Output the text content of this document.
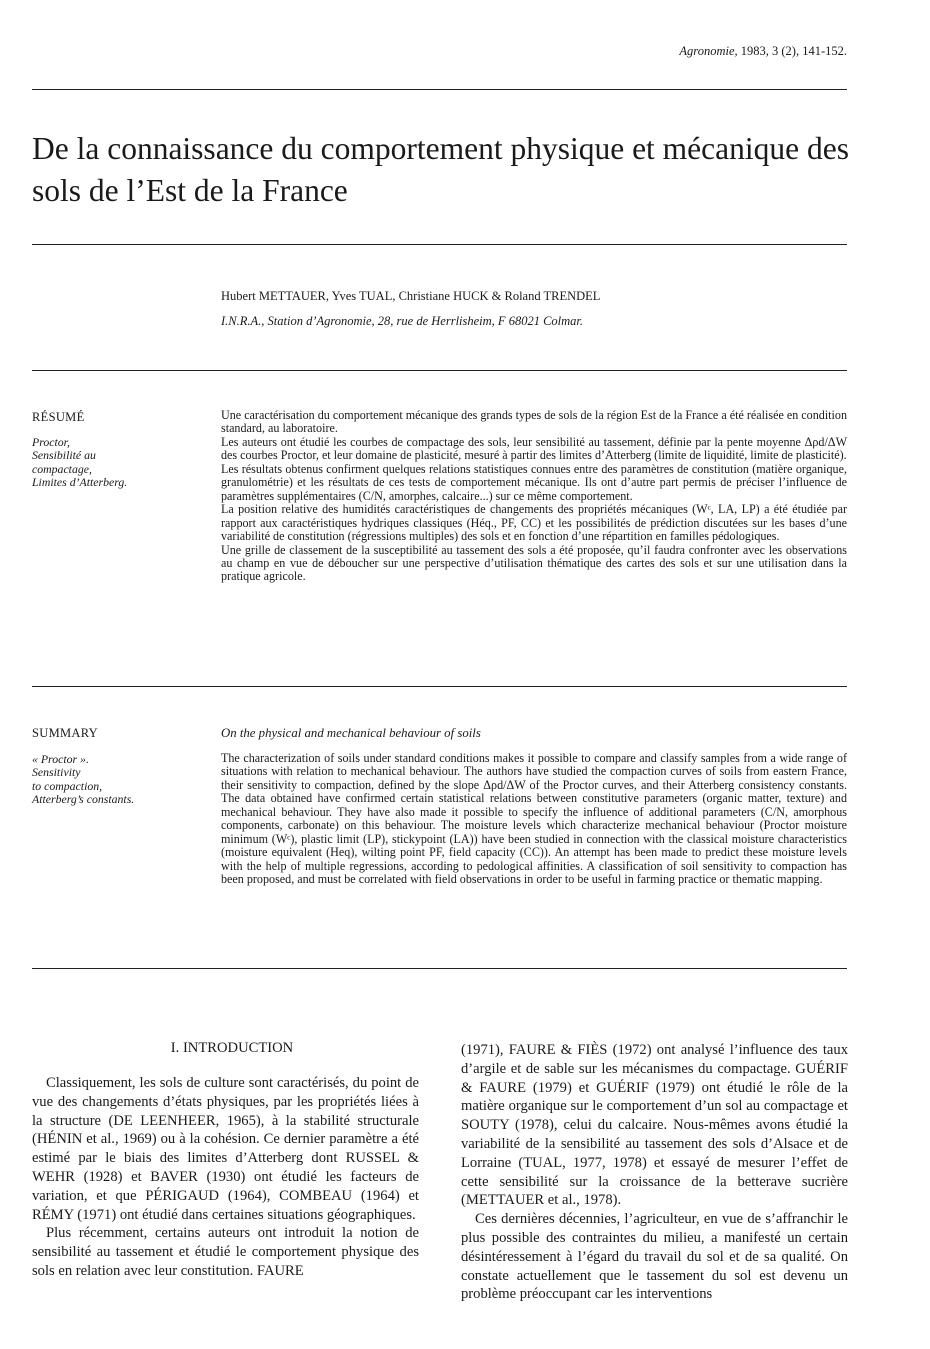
Agronomie, 1983, 3 (2), 141-152.
De la connaissance du comportement physique et mécanique des sols de l’Est de la France
Hubert METTAUER, Yves TUAL, Christiane HUCK & Roland TRENDEL
I.N.R.A., Station d’Agronomie, 28, rue de Herrlisheim, F 68021 Colmar.
RÉSUMÉ
Proctor,
Sensibilité au
compactage,
Limites d’Atterberg.

Une caractérisation du comportement mécanique des grands types de sols de la région Est de la France a été réalisée en condition standard, au laboratoire.

Les auteurs ont étudié les courbes de compactage des sols, leur sensibilité au tassement, définie par la pente moyenne Δρd/ΔW des courbes Proctor, et leur domaine de plasticité, mesuré à partir des limites d’Atterberg (limite de liquidité, limite de plasticité).

Les résultats obtenus confirment quelques relations statistiques connues entre des paramètres de constitution (matière organique, granulométrie) et les résultats de ces tests de comportement mécanique. Ils ont d’autre part permis de préciser l’influence de paramètres supplémentaires (C/N, amorphes, calcaire...) sur ce même comportement.

La position relative des humidités caractéristiques de changements des propriétés mécaniques (Wᶜ, LA, LP) a été étudiée par rapport aux caractéristiques hydriques classiques (Héq., PF, CC) et les possibilités de prédiction discutées sur les bases d’une variabilité de constitution (régressions multiples) des sols et en fonction d’une répartition en familles pédologiques.

Une grille de classement de la susceptibilité au tassement des sols a été proposée, qu’il faudra confronter avec les observations au champ en vue de déboucher sur une perspective d’utilisation thématique des cartes des sols et sur une utilisation dans la pratique agricole.

SUMMARY
« Proctor ».
Sensitivity
to compaction,
Atterberg’s constants.
On the physical and mechanical behaviour of soils

The characterization of soils under standard conditions makes it possible to compare and classify samples from a wide range of situations with relation to mechanical behaviour. The authors have studied the compaction curves of soils from eastern France, their sensitivity to compaction, defined by the slope Δρd/ΔW of the Proctor curves, and their Atterberg consistency constants. The data obtained have confirmed certain statistical relations between constitutive parameters (organic matter, texture) and mechanical behaviour. They have also made it possible to specify the influence of additional parameters (C/N, amorphous components, carbonate) on this behaviour. The moisture levels which characterize mechanical behaviour (Proctor moisture minimum (Wᶜ), plastic limit (LP), stickypoint (LA)) have been studied in connection with the classical moisture characteristics (moisture equivalent (Heq), wilting point PF, field capacity (CC)). An attempt has been made to predict these moisture levels with the help of multiple regressions, according to pedological affinities. A classification of soil sensitivity to compaction has been proposed, and must be correlated with field observations in order to be useful in farming practice or thematic mapping.

I. INTRODUCTION

Classiquement, les sols de culture sont caractérisés, du point de vue des changements d’états physiques, par les propriétés liées à la structure (DE LEENHEER, 1965), à la stabilité structurale (HÉNIN et al., 1969) ou à la cohésion. Ce dernier paramètre a été estimé par le biais des limites d’Atterberg dont RUSSEL & WEHR (1928) et BAVER (1930) ont étudié les facteurs de variation, et que PÉRIGAUD (1964), COMBEAU (1964) et RÉMY (1971) ont étudié dans certaines situations géographiques.

Plus récemment, certains auteurs ont introduit la notion de sensibilité au tassement et étudié le comportement physique des sols en relation avec leur constitution. FAURE

(1971), FAURE & FIÈS (1972) ont analysé l’influence des taux d’argile et de sable sur les mécanismes du compactage. GUÉRIF & FAURE (1979) et GUÉRIF (1979) ont étudié le rôle de la matière organique sur le comportement d’un sol au compactage et SOUTY (1978), celui du calcaire. Nous-mêmes avons étudié la variabilité de la sensibilité au tassement des sols d’Alsace et de Lorraine (TUAL, 1977, 1978) et essayé de mesurer l’effet de cette sensibilité sur la croissance de la betterave sucrière (METTAUER et al., 1978).

Ces dernières décennies, l’agriculteur, en vue de s’affranchir le plus possible des contraintes du milieu, a manifesté un certain désintéressement à l’égard du travail du sol et de sa qualité. On constate actuellement que le tassement du sol est devenu un problème préoccupant car les interventions
